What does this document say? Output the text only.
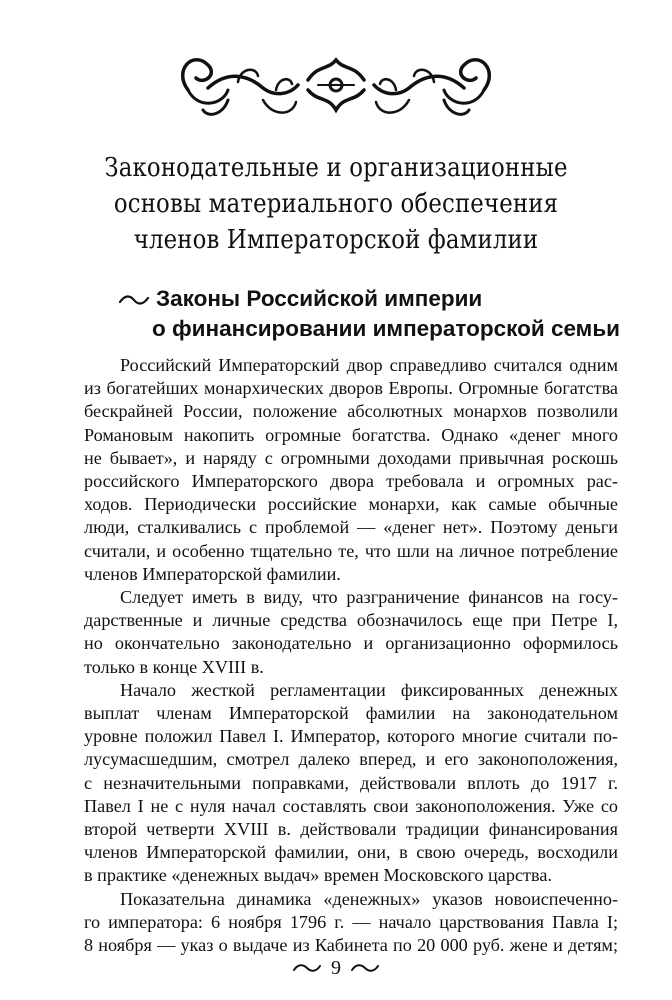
Законодательные и организационные
основы материального обеспечения
членов Императорской фамилии
Законы Российской империи
о финансировании императорской семьи

Российский Императорский двор справедливо считался одним
из богатейших монархических дворов Европы. Огромные богатства
бескрайней России, положение абсолютных монархов позволили
Романовым накопить огромные богатства. Однако «денег много
не бывает», и наряду с огромными доходами привычная роскошь
российского Императорского двора требовала и огромных рас-
ходов. Периодически российские монархи, как самые обычные
люди, сталкивались с проблемой — «денег нет». Поэтому деньги
считали, и особенно тщательно те, что шли на личное потребление
членов Императорской фамилии.

Следует иметь в виду, что разграничение финансов на госу-
дарственные и личные средства обозначилось еще при Петре I,
но окончательно законодательно и организационно оформилось
только в конце XVIII в.

Начало жесткой регламентации фиксированных денежных
выплат членам Императорской фамилии на законодательном
уровне положил Павел I. Император, которого многие считали по-
лусумасшедшим, смотрел далеко вперед, и его законоположения,
с незначительными поправками, действовали вплоть до 1917 г.
Павел I не с нуля начал составлять свои законоположения. Уже со
второй четверти XVIII в. действовали традиции финансирования
членов Императорской фамилии, они, в свою очередь, восходили
в практике «денежных выдач» времен Московского царства.

Показательна динамика «денежных» указов новоиспеченно-
го императора: 6 ноября 1796 г. — начало царствования Павла I;
8 ноября — указ о выдаче из Кабинета по 20 000 руб. жене и детям;

9
